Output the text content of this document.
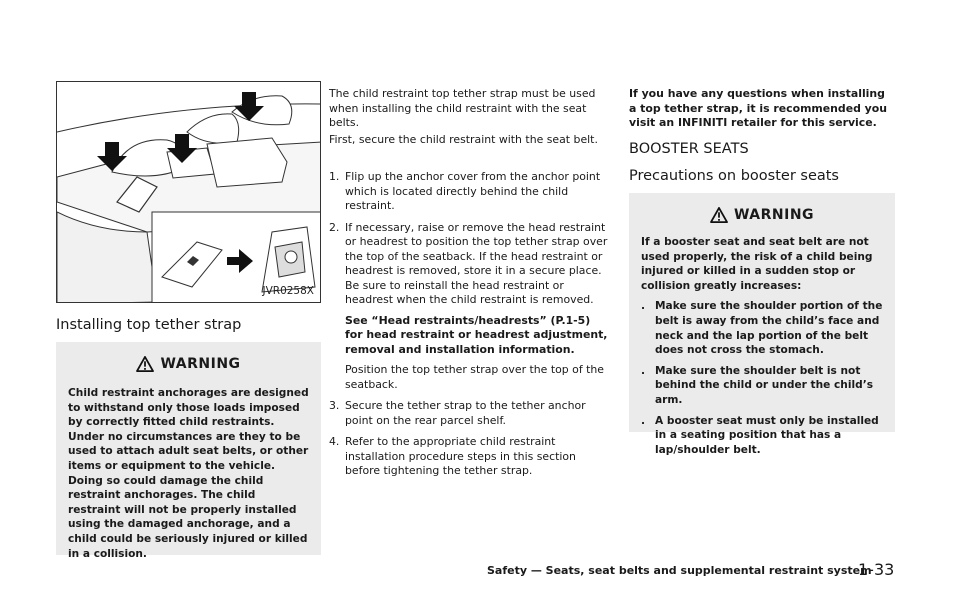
JVR0258X
Installing top tether strap
WARNING
Child restraint anchorages are designed to withstand only those loads imposed by correctly fitted child restraints. Under no circumstances are they to be used to attach adult seat belts, or other items or equipment to the vehicle. Doing so could damage the child restraint anchorages. The child restraint will not be properly installed using the damaged anchorage, and a child could be seriously injured or killed in a collision.

The child restraint top tether strap must be used when installing the child restraint with the seat belts.

First, secure the child restraint with the seat belt.

1. Flip up the anchor cover from the anchor point which is located directly behind the child restraint.

2. If necessary, raise or remove the head restraint or headrest to position the top tether strap over the top of the seatback. If the head restraint or headrest is removed, store it in a secure place. Be sure to reinstall the head restraint or headrest when the child restraint is removed.

See “Head restraints/headrests” (P.1-5) for head restraint or headrest adjustment, removal and installation information.

Position the top tether strap over the top of the seatback.

3. Secure the tether strap to the tether anchor point on the rear parcel shelf.

4. Refer to the appropriate child restraint installation procedure steps in this section before tightening the tether strap.

If you have any questions when installing a top tether strap, it is recommended you visit an INFINITI retailer for this service.

BOOSTER SEATS
Precautions on booster seats
WARNING
If a booster seat and seat belt are not used properly, the risk of a child being injured or killed in a sudden stop or collision greatly increases:
. Make sure the shoulder portion of the belt is away from the child’s face and neck and the lap portion of the belt does not cross the stomach.
. Make sure the shoulder belt is not behind the child or under the child’s arm.
. A booster seat must only be installed in a seating position that has a lap/shoulder belt.
Safety — Seats, seat belts and supplemental restraint system
1-33
